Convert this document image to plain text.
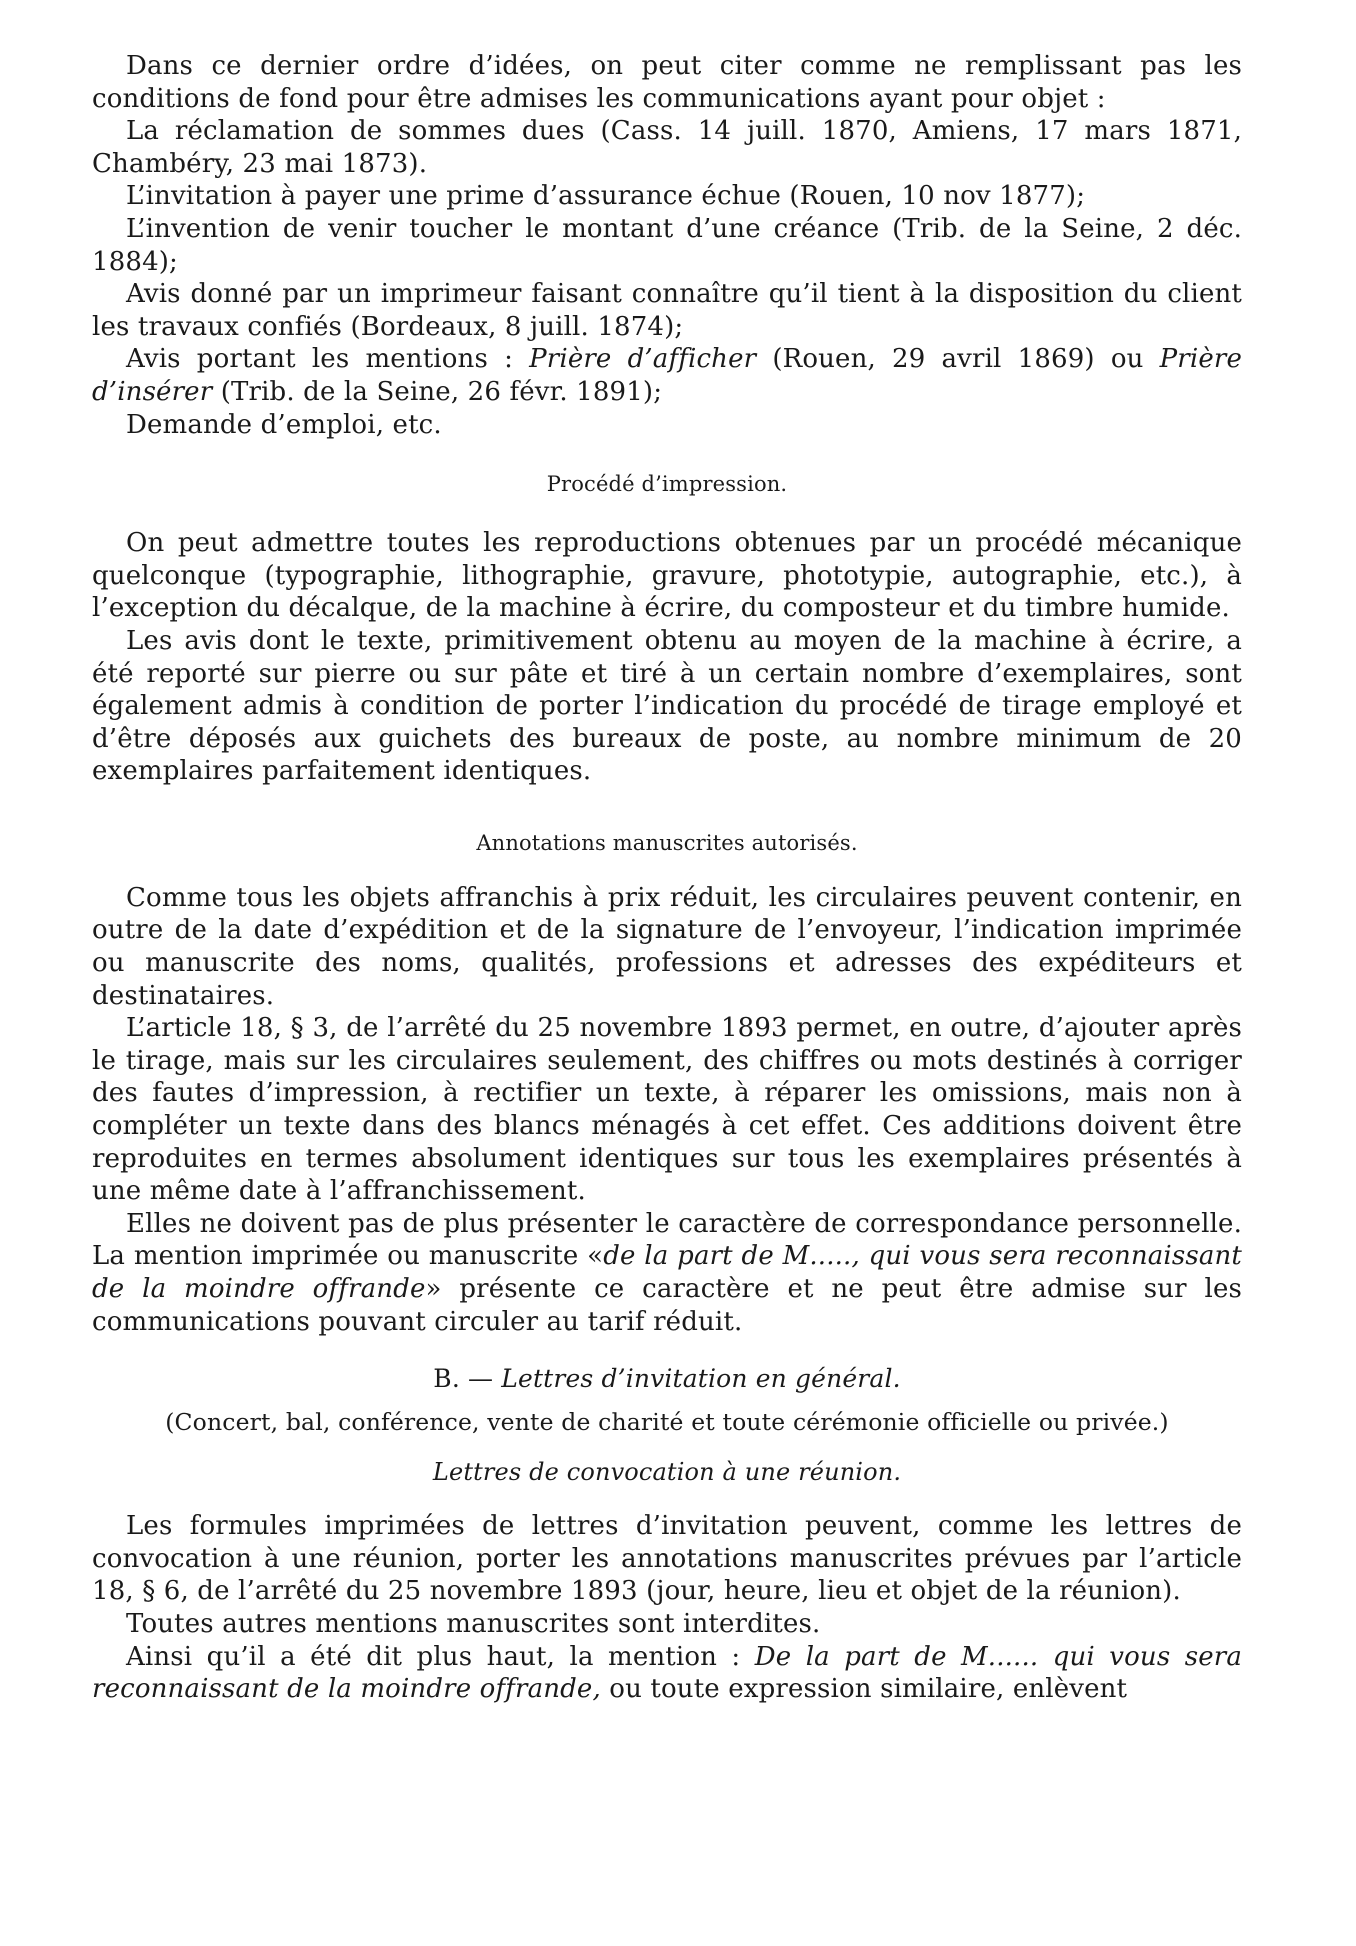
Dans ce dernier ordre d’idées, on peut citer comme ne remplissant pas les conditions de fond pour être admises les communications ayant pour objet :

La réclamation de sommes dues (Cass. 14 juill. 1870, Amiens, 17 mars 1871, Chambéry, 23 mai 1873).

L’invitation à payer une prime d’assurance échue (Rouen, 10 nov 1877);

L’invention de venir toucher le montant d’une créance (Trib. de la Seine, 2 déc. 1884);

Avis donné par un imprimeur faisant connaître qu’il tient à la disposition du client les travaux confiés (Bordeaux, 8 juill. 1874);

Avis portant les mentions : Prière d’afficher (Rouen, 29 avril 1869) ou Prière d’insérer (Trib. de la Seine, 26 févr. 1891);

Demande d’emploi, etc.

Procédé d’impression.

On peut admettre toutes les reproductions obtenues par un procédé mécanique quelconque (typographie, lithographie, gravure, phototypie, autographie, etc.), à l’exception du décalque, de la machine à écrire, du composteur et du timbre humide.

Les avis dont le texte, primitivement obtenu au moyen de la machine à écrire, a été reporté sur pierre ou sur pâte et tiré à un certain nombre d’exemplaires, sont également admis à condition de porter l’indication du procédé de tirage employé et d’être déposés aux guichets des bureaux de poste, au nombre minimum de 20 exemplaires parfaitement identiques.

Annotations manuscrites autorisés.

Comme tous les objets affranchis à prix réduit, les circulaires peuvent contenir, en outre de la date d’expédition et de la signature de l’envoyeur, l’indication imprimée ou manuscrite des noms, qualités, professions et adresses des expéditeurs et destinataires.

L’article 18, § 3, de l’arrêté du 25 novembre 1893 permet, en outre, d’ajouter après le tirage, mais sur les circulaires seulement, des chiffres ou mots destinés à corriger des fautes d’impression, à rectifier un texte, à réparer les omissions, mais non à compléter un texte dans des blancs ménagés à cet effet. Ces additions doivent être reproduites en termes absolument identiques sur tous les exemplaires présentés à une même date à l’affranchissement.

Elles ne doivent pas de plus présenter le caractère de correspondance personnelle. La mention imprimée ou manuscrite «de la part de M....., qui vous sera reconnaissant de la moindre offrande» présente ce caractère et ne peut être admise sur les communications pouvant circuler au tarif réduit.

B. — Lettres d’invitation en général.
(Concert, bal, conférence, vente de charité et toute cérémonie officielle ou privée.)
Lettres de convocation à une réunion.

Les formules imprimées de lettres d’invitation peuvent, comme les lettres de convocation à une réunion, porter les annotations manuscrites prévues par l’article 18, § 6, de l’arrêté du 25 novembre 1893 (jour, heure, lieu et objet de la réunion).

Toutes autres mentions manuscrites sont interdites.

Ainsi qu’il a été dit plus haut, la mention : De la part de M...... qui vous sera reconnaissant de la moindre offrande, ou toute expression similaire, enlèvent
